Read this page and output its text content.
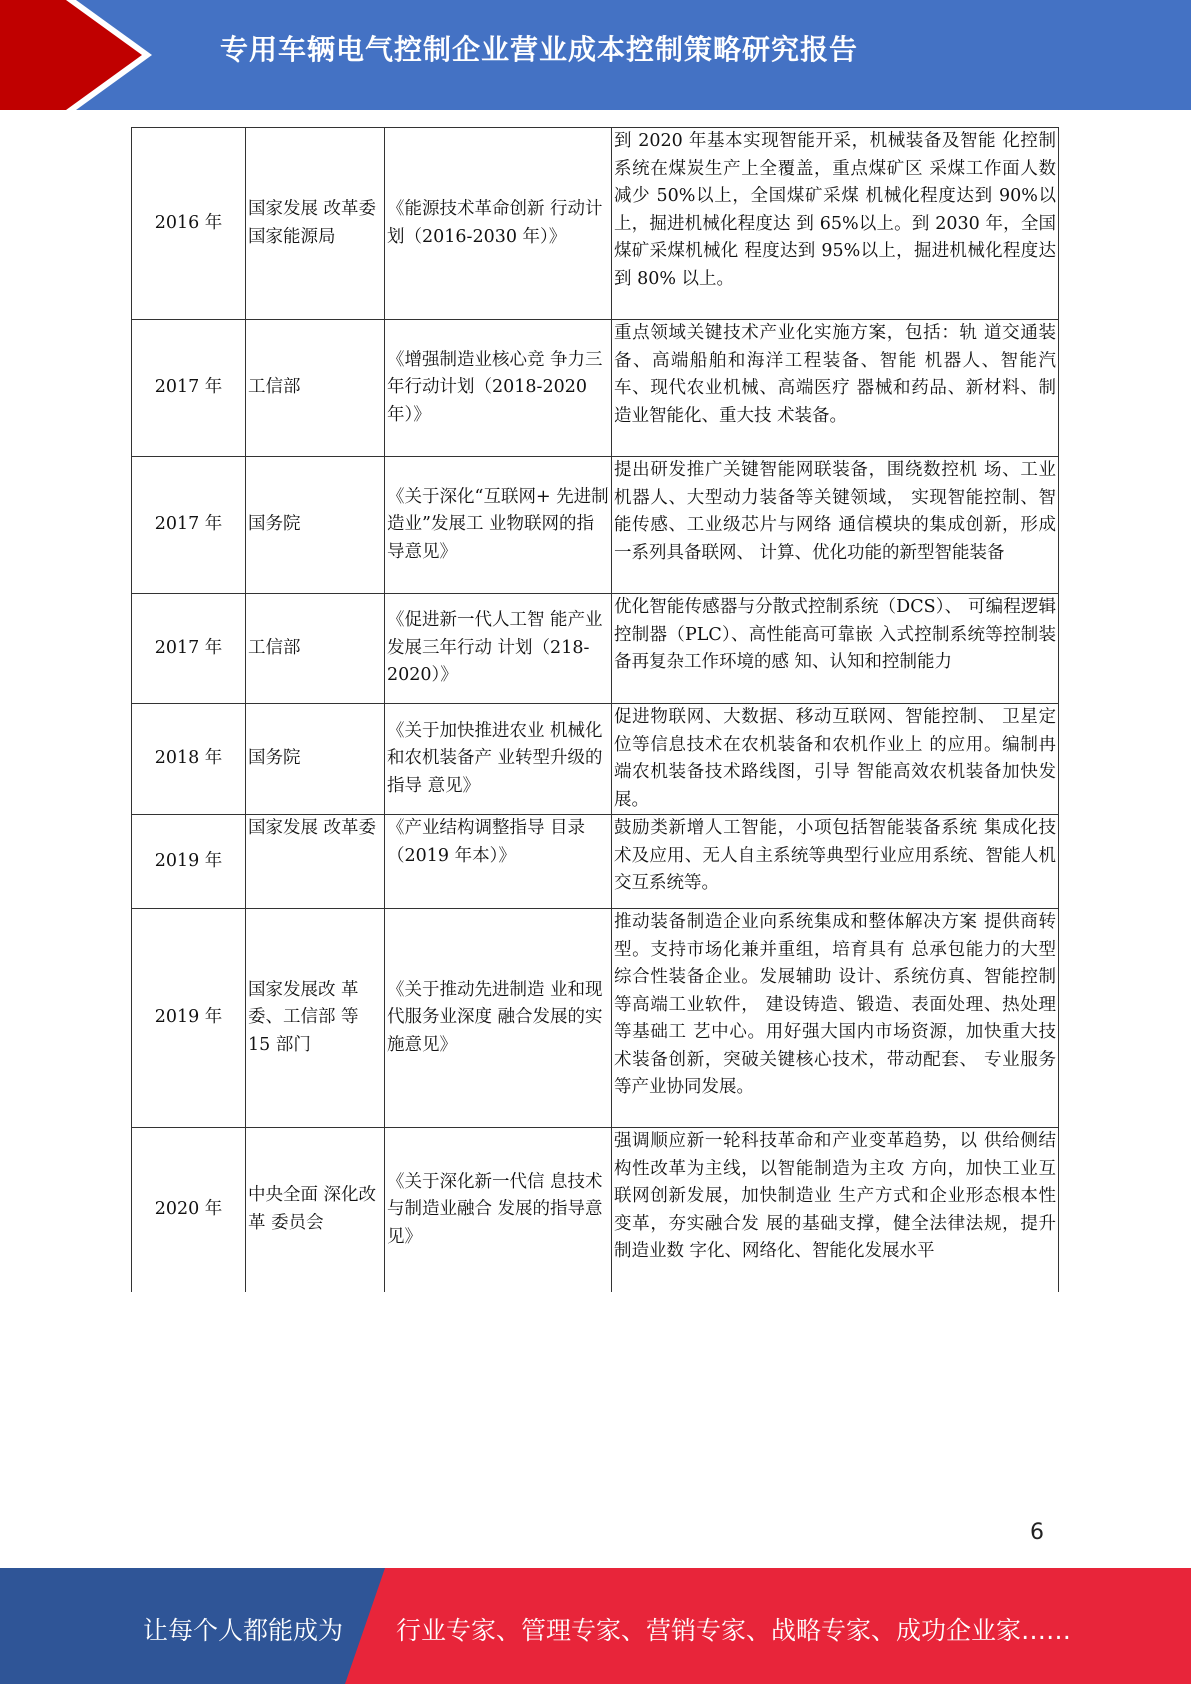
专用车辆电气控制企业营业成本控制策略研究报告
2016 年	国家发展 改革委 国家能源局	《能源技术革命创新 行动计划（2016-2030 年）》	到 2020 年基本实现智能开采，机械装备及智能 化控制系统在煤炭生产上全覆盖，重点煤矿区 采煤工作面人数减少 50%以上，全国煤矿采煤 机械化程度达到 90%以上，掘进机械化程度达 到 65%以上。到 2030 年，全国煤矿采煤机械化 程度达到 95%以上，掘进机械化程度达到 80% 以上。
2017 年	工信部	《增强制造业核心竞 争力三年行动计划（2018-2020 年）》	重点领域关键技术产业化实施方案，包括：轨 道交通装备、高端船舶和海洋工程装备、智能 机器人、智能汽车、现代农业机械、高端医疗 器械和药品、新材料、制造业智能化、重大技 术装备。
2017 年	国务院	《关于深化“互联网+ 先进制造业”发展工 业物联网的指导意见》	提出研发推广关键智能网联装备，围绕数控机 场、工业机器人、大型动力装备等关键领域， 实现智能控制、智能传感、工业级芯片与网络 通信模块的集成创新，形成一系列具备联网、 计算、优化功能的新型智能装备
2017 年	工信部	《促进新一代人工智 能产业发展三年行动 计划（218-2020）》	优化智能传感器与分散式控制系统（DCS）、 可编程逻辑控制器（PLC）、高性能高可靠嵌 入式控制系统等控制装备再复杂工作环境的感 知、认知和控制能力
2018 年	国务院	《关于加快推进农业 机械化和农机装备产 业转型升级的指导 意见》	促进物联网、大数据、移动互联网、智能控制、 卫星定位等信息技术在农机装备和农机作业上 的应用。编制冉端农机装备技术路线图，引导 智能高效农机装备加快发展。
2019 年	国家发展 改革委	《产业结构调整指导 目录（2019 年本）》	鼓励类新增人工智能，小项包括智能装备系统 集成化技术及应用、无人自主系统等典型行业应用系统、智能人机交互系统等。
2019 年	国家发展改 革委、工信部 等 15 部门	《关于推动先进制造 业和现代服务业深度 融合发展的实施意见》	推动装备制造企业向系统集成和整体解决方案 提供商转型。支持市场化兼并重组，培育具有 总承包能力的大型综合性装备企业。发展辅助 设计、系统仿真、智能控制等高端工业软件， 建设铸造、锻造、表面处理、热处理等基础工 艺中心。用好强大国内市场资源，加快重大技 术装备创新，突破关键核心技术，带动配套、 专业服务等产业协同发展。
2020 年	中央全面 深化改革 委员会	《关于深化新一代信 息技术与制造业融合 发展的指导意见》	强调顺应新一轮科技革命和产业变革趋势，以 供给侧结构性改革为主线，以智能制造为主攻 方向，加快工业互联网创新发展，加快制造业 生产方式和企业形态根本性变革，夯实融合发 展的基础支撑，健全法律法规，提升制造业数 字化、网络化、智能化发展水平
6
让每个人都能成为 行业专家、管理专家、营销专家、战略专家、成功企业家……
